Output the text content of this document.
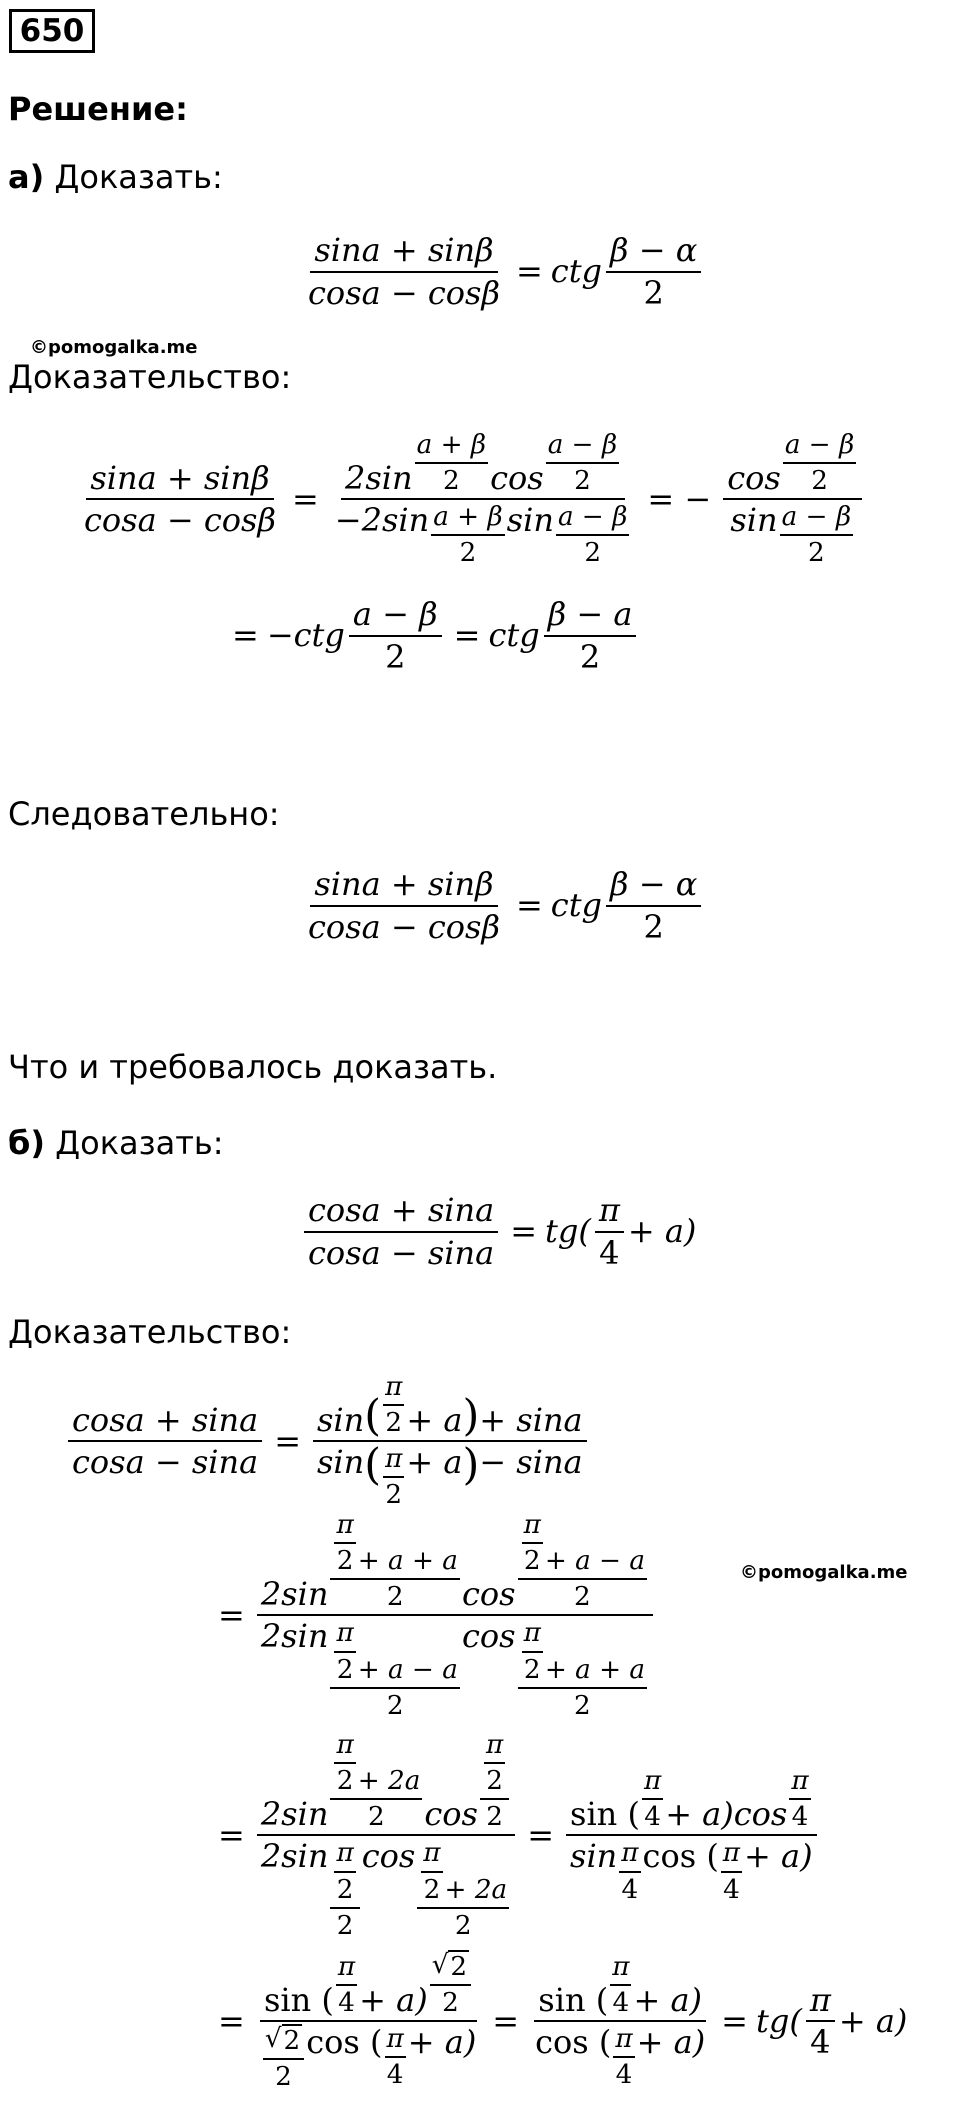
650
Решение:
а) Доказать:
$\frac{\sin a + \sin\beta}{\cos a - \cos\beta}$ = ctg $\frac{\beta - \alpha}{2}$
©pomogalka.me
Доказательство:
$\frac{\sin a + \sin\beta}{\cos a - \cos\beta} = \frac{2\sin \frac{a + \beta}{2} \cos \frac{a - \beta}{2}}{-2\sin \frac{a + \beta}{2} \sin \frac{a - \beta}{2}}$ = − $\frac{\cos \frac{a - \beta}{2}}{\sin \frac{a - \beta}{2}}$
= $-ctg \frac{a - \beta}{2}$ = ctg $\frac{\beta - a}{2}$
Следовательно:
$\frac{\sin a + \sin\beta}{\cos a - \cos\beta}$ = ctg $\frac{\beta - \alpha}{2}$
Что и требовалось доказать.
б) Доказать:
$\frac{\cos a + \sin a}{\cos a - \sin a} = tg( \frac{\pi}{4} + a)$
Доказательство:
$\frac{\cos a + \sin a}{\cos a - \sin a} = \frac{\sin ( \frac{\pi}{2} + a ) + \sin a}{\sin ( \frac{\pi}{2} + a ) - \sin a}$
= $\frac{2\sin \frac{\frac{\pi}{2} + a + a}{2} \cos \frac{\frac{\pi}{2} + a - a}{2}}{2\sin \frac{\frac{\pi}{2} + a - a}{2} \cos \frac{\frac{\pi}{2} + a + a}{2}}$	©pomogalka.me
= $\frac{2\sin \frac{\frac{\pi}{2} + 2a}{2} \cos \frac{\frac{\pi}{2}}{2}}{2\sin \frac{\frac{\pi}{2}}{2} \cos \frac{\frac{\pi}{2} + 2a}{2}} = \frac{\sin ( \frac{\pi}{4} + a)\cos \frac{\pi}{4}}{\sin \frac{\pi}{4} \cos ( \frac{\pi}{4} + a)}$
= $\frac{\sin ( \frac{\pi}{4} + a) \frac{√ 2}{2}}{\frac{√ 2}{2} \cos ( \frac{\pi}{4} + a)} = \frac{\sin ( \frac{\pi}{4} + a)}{\cos ( \frac{\pi}{4} + a)} = tg( \frac{\pi}{4} + a)$
